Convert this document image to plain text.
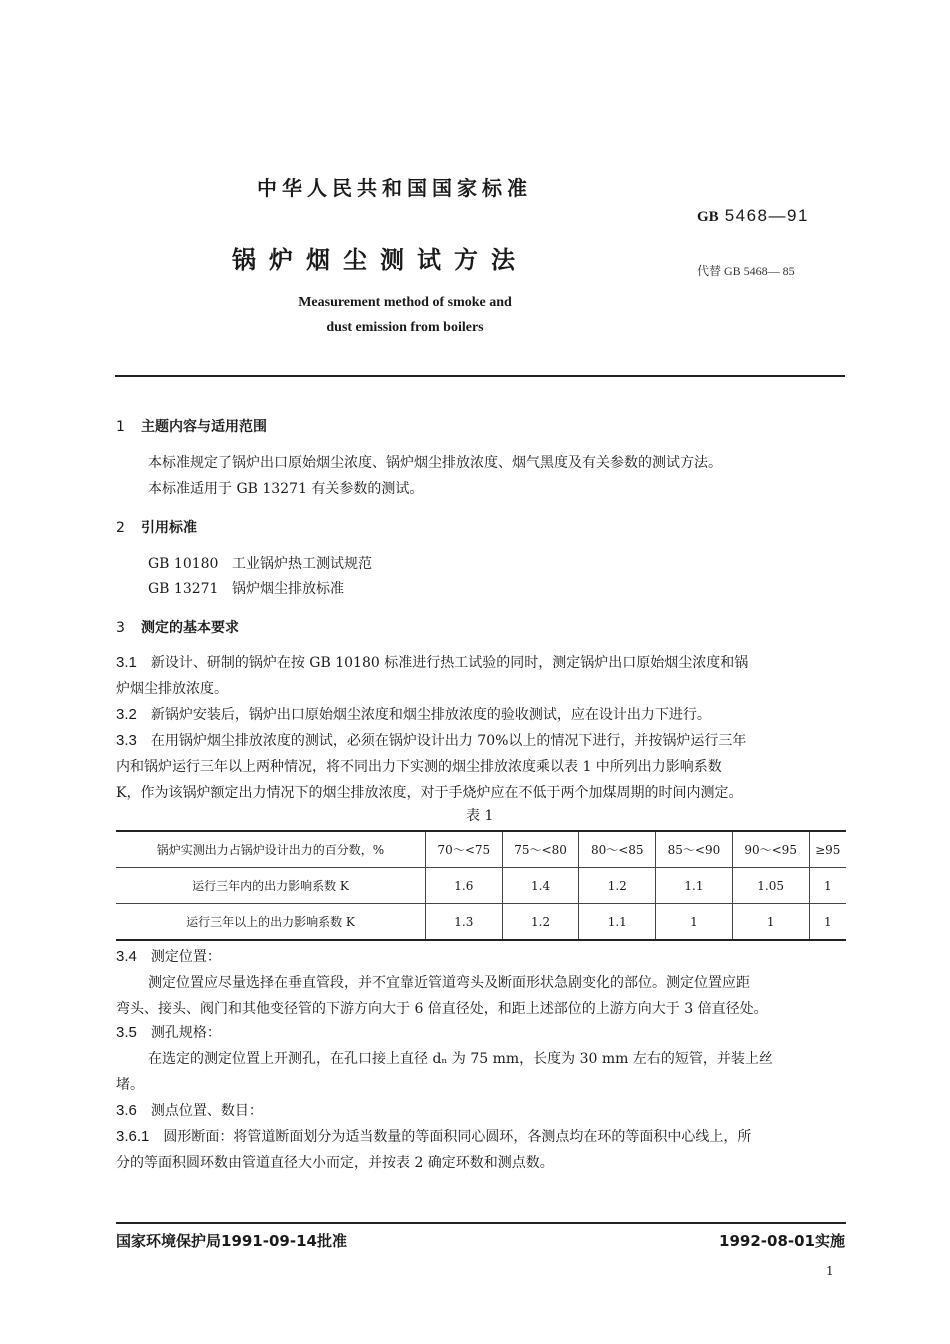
中华人民共和国国家标准
GB 5468—91
锅炉烟尘测试方法	代替 GB 5468— 85
Measurement method of smoke and
dust emission from boilers
1 主题内容与适用范围
本标准规定了锅炉出口原始烟尘浓度、锅炉烟尘排放浓度、烟气黑度及有关参数的测试方法。
本标准适用于 GB 13271 有关参数的测试。
2 引用标准
GB 10180 工业锅炉热工测试规范
GB 13271 锅炉烟尘排放标准
3 测定的基本要求
3.1 新设计、研制的锅炉在按 GB 10180 标准进行热工试验的同时，测定锅炉出口原始烟尘浓度和锅
炉烟尘排放浓度。
3.2 新锅炉安装后，锅炉出口原始烟尘浓度和烟尘排放浓度的验收测试，应在设计出力下进行。
3.3 在用锅炉烟尘排放浓度的测试，必须在锅炉设计出力 70%以上的情况下进行，并按锅炉运行三年
内和锅炉运行三年以上两种情况，将不同出力下实测的烟尘排放浓度乘以表 1 中所列出力影响系数
K，作为该锅炉额定出力情况下的烟尘排放浓度，对于手烧炉应在不低于两个加煤周期的时间内测定。
表 1
锅炉实测出力占锅炉设计出力的百分数，%	70～<75	75～<80	80～<85	85～<90	90～<95	≥95
运行三年内的出力影响系数 K	1.6	1.4	1.2	1.1	1.05	1
运行三年以上的出力影响系数 K	1.3	1.2	1.1	1	1	1
3.4 测定位置：
测定位置应尽量选择在垂直管段，并不宜靠近管道弯头及断面形状急剧变化的部位。测定位置应距
弯头、接头、阀门和其他变径管的下游方向大于 6 倍直径处，和距上述部位的上游方向大于 3 倍直径处。
3.5 测孔规格：
在选定的测定位置上开测孔，在孔口接上直径 dₙ 为 75 mm，长度为 30 mm 左右的短管，并装上丝
堵。
3.6 测点位置、数目：
3.6.1 圆形断面：将管道断面划分为适当数量的等面积同心圆环，各测点均在环的等面积中心线上，所
分的等面积圆环数由管道直径大小而定，并按表 2 确定环数和测点数。
国家环境保护局1991-09-14批准	1992-08-01实施
1
